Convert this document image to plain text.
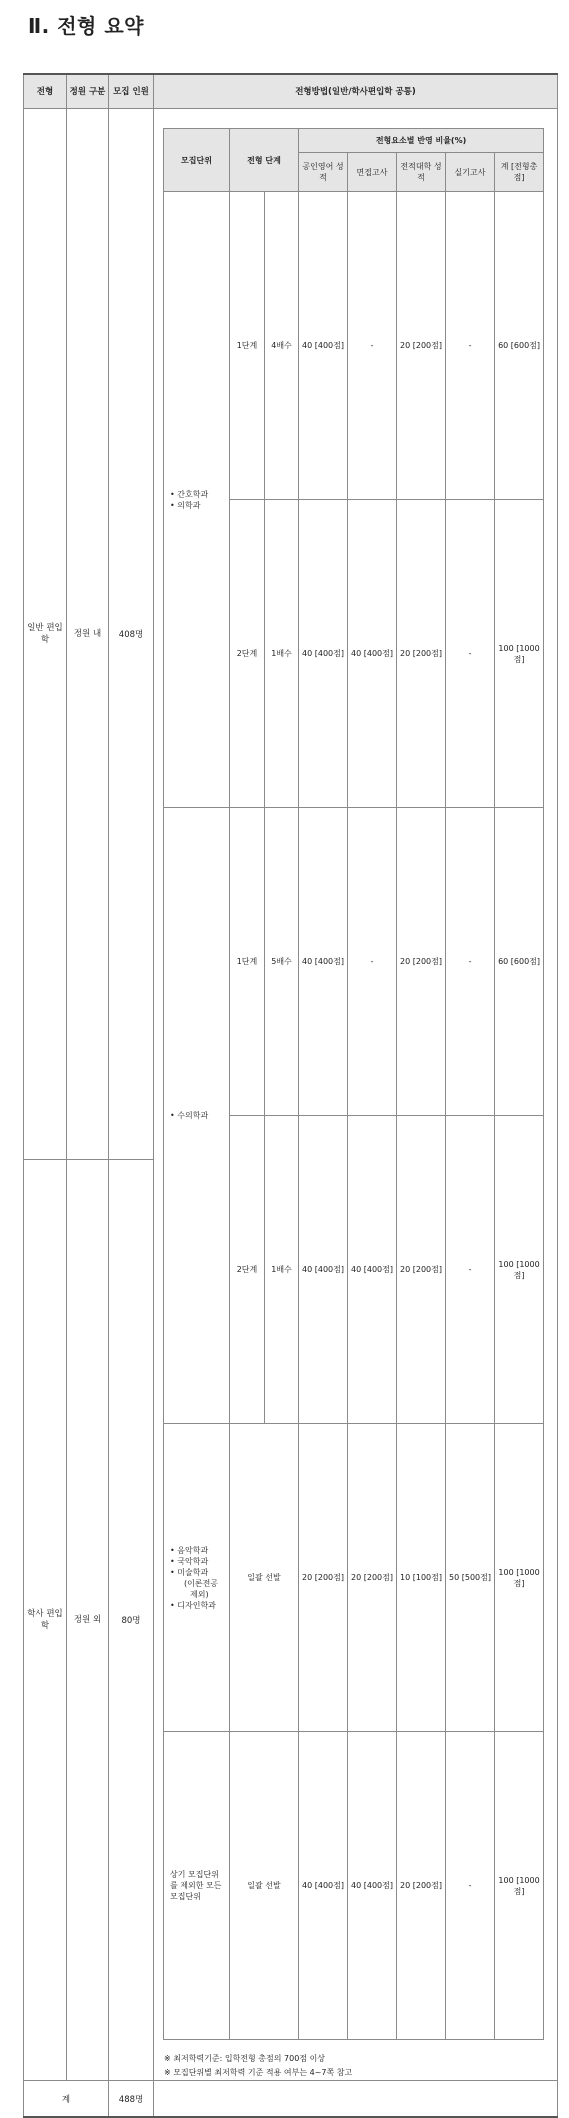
Ⅱ. 전형 요약
전형	정원 구분	모집 인원	전형방법(일반/학사편입학 공통)
일반 편입학	정원 내	408명	
모집단위	전형 단계	전형요소별 반영 비율(%)
공인영어 성 적	면접고사	전적대학 성 적	실기고사	계 [전형총점]

• 간호학과
• 의학과
	1단계	4배수	40 [400점]	-	20 [200점]	-	60 [600점]
2단계	1배수	40 [400점]	40 [400점]	20 [200점]	-	100 [1000점]

• 수의학과
	1단계	5배수	40 [400점]	-	20 [200점]	-	60 [600점]
2단계	1배수	40 [400점]	40 [400점]	20 [200점]	-	100 [1000점]

• 음악학과
• 국악학과
• 미술학과
(이론전공
제외)
• 디자인학과
	일괄 선발	20 [200점]	20 [200점]	10 [100점]	50 [500점]	100 [1000점]

상기 모집단위
를 제외한 모든
모집단위
	일괄 선발	40 [400점]	40 [400점]	20 [200점]	-	100 [1000점]
※ 최저학력기준: 입학전형 총점의 700점 이상
※ 모집단위별 최저학력 기준 적용 여부는 4~7쪽 참고

학사 편입학	정원 외	80명
계	488명	
